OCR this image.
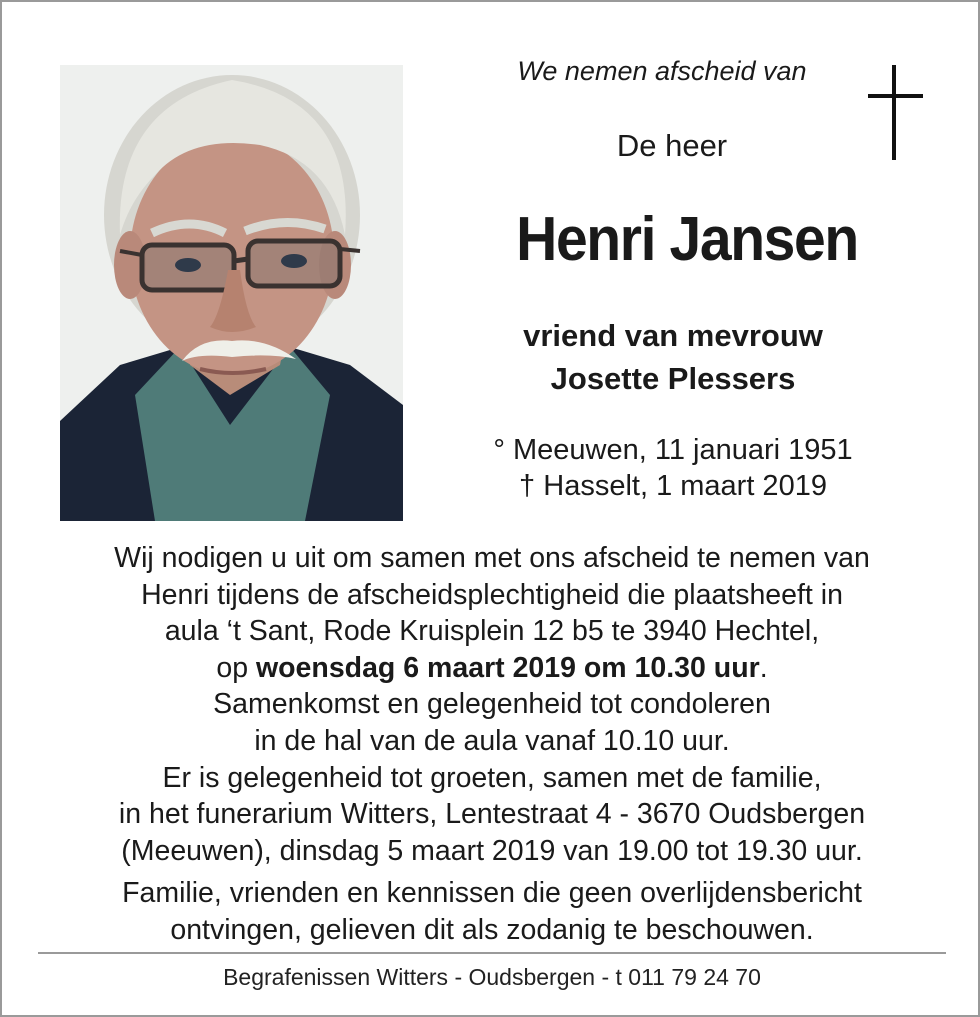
We nemen afscheid van
De heer
Henri Jansen
vriend van mevrouw
Josette Plessers
° Meeuwen, 11 januari 1951
† Hasselt, 1 maart 2019

Wij nodigen u uit om samen met ons afscheid te nemen van

Henri tijdens de afscheidsplechtigheid die plaatsheeft in

aula ‘t Sant, Rode Kruisplein 12 b5 te 3940 Hechtel,

op woensdag 6 maart 2019 om 10.30 uur.

Samenkomst en gelegenheid tot condoleren

in de hal van de aula vanaf 10.10 uur.

Er is gelegenheid tot groeten, samen met de familie,

in het funerarium Witters, Lentestraat 4 - 3670 Oudsbergen

(Meeuwen), dinsdag 5 maart 2019 van 19.00 tot 19.30 uur.

Familie, vrienden en kennissen die geen overlijdensbericht

ontvingen, gelieven dit als zodanig te beschouwen.

Begrafenissen Witters - Oudsbergen - t 011 79 24 70
